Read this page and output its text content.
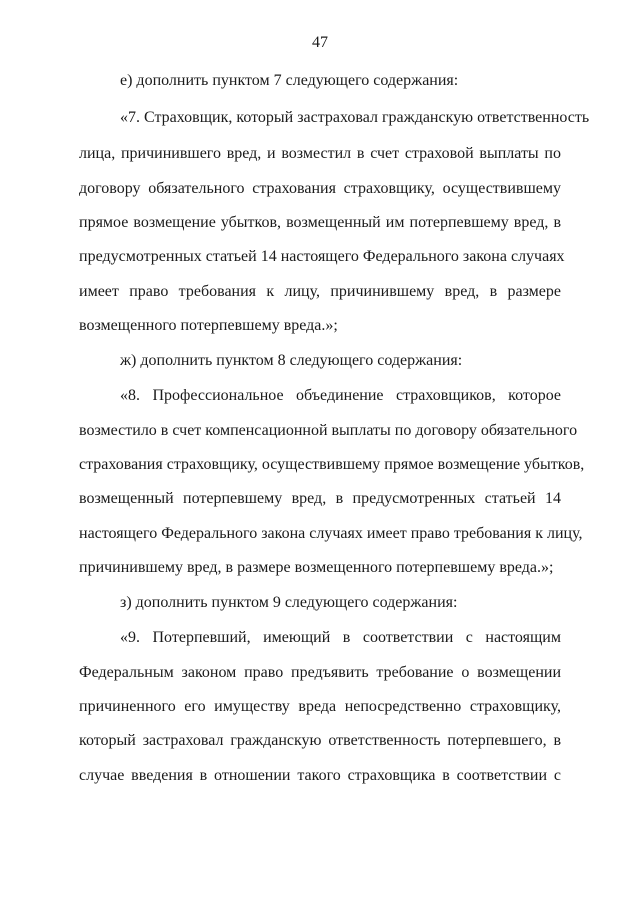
47
е) дополнить пунктом 7 следующего содержания:
«7. Страховщик, который застраховал гражданскую ответственность
лица, причинившего вред, и возместил в счет страховой выплаты по
договору обязательного страхования страховщику, осуществившему
прямое возмещение убытков, возмещенный им потерпевшему вред, в
предусмотренных статьей 14 настоящего Федерального закона случаях
имеет право требования к лицу, причинившему вред, в размере
возмещенного потерпевшему вреда.»;
ж) дополнить пунктом 8 следующего содержания:
«8. Профессиональное объединение страховщиков, которое
возместило в счет компенсационной выплаты по договору обязательного
страхования страховщику, осуществившему прямое возмещение убытков,
возмещенный потерпевшему вред, в предусмотренных статьей 14
настоящего Федерального закона случаях имеет право требования к лицу,
причинившему вред, в размере возмещенного потерпевшему вреда.»;
з) дополнить пунктом 9 следующего содержания:
«9. Потерпевший, имеющий в соответствии с настоящим
Федеральным законом право предъявить требование о возмещении
причиненного его имуществу вреда непосредственно страховщику,
который застраховал гражданскую ответственность потерпевшего, в
случае введения в отношении такого страховщика в соответствии с
